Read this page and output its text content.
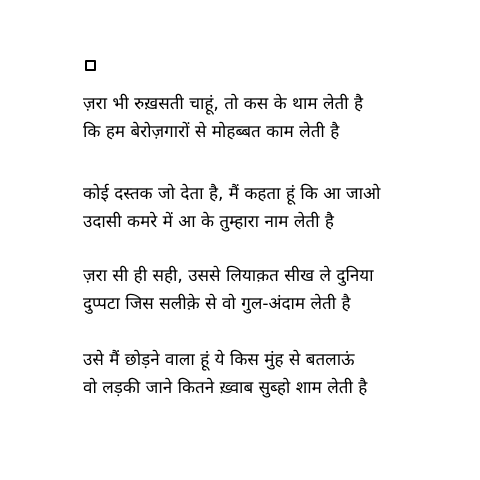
ज़रा भी रुख़सती चाहूं, तो कस के थाम लेती है
कि हम बेरोज़गारों से मोहब्बत काम लेती है
कोई दस्तक जो देता है, मैं कहता हूं कि आ जाओ
उदासी कमरे में आ के तुम्हारा नाम लेती है
ज़रा सी ही सही, उससे लियाक़त सीख ले दुनिया
दुप्पटा जिस सलीक़े से वो गुल-अंदाम लेती है
उसे मैं छोड़ने वाला हूं ये किस मुंह से बतलाऊं
वो लड़की जाने कितने ख़्वाब सुब्हो शाम लेती है
